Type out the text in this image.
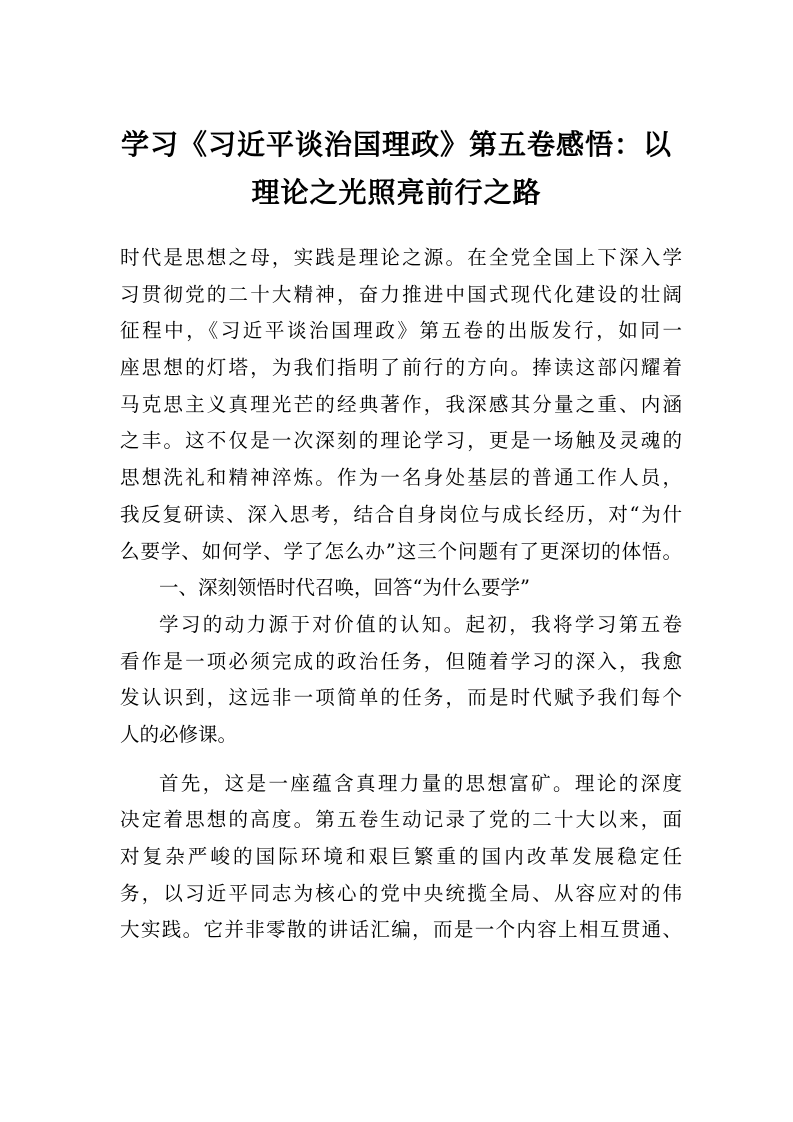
学习《习近平谈治国理政》第五卷感悟：以
理论之光照亮前行之路
时代是思想之母，实践是理论之源。在全党全国上下深入学
习贯彻党的二十大精神，奋力推进中国式现代化建设的壮阔
征程中，《习近平谈治国理政》第五卷的出版发行，如同一
座思想的灯塔，为我们指明了前行的方向。捧读这部闪耀着
马克思主义真理光芒的经典著作，我深感其分量之重、内涵
之丰。这不仅是一次深刻的理论学习，更是一场触及灵魂的
思想洗礼和精神淬炼。作为一名身处基层的普通工作人员，
我反复研读、深入思考，结合自身岗位与成长经历，对“为什
么要学、如何学、学了怎么办”这三个问题有了更深切的体悟。
一、深刻领悟时代召唤，回答“为什么要学”
学习的动力源于对价值的认知。起初，我将学习第五卷
看作是一项必须完成的政治任务，但随着学习的深入，我愈
发认识到，这远非一项简单的任务，而是时代赋予我们每个
人的必修课。
首先，这是一座蕴含真理力量的思想富矿。理论的深度
决定着思想的高度。第五卷生动记录了党的二十大以来，面
对复杂严峻的国际环境和艰巨繁重的国内改革发展稳定任
务，以习近平同志为核心的党中央统揽全局、从容应对的伟
大实践。它并非零散的讲话汇编，而是一个内容上相互贯通、
